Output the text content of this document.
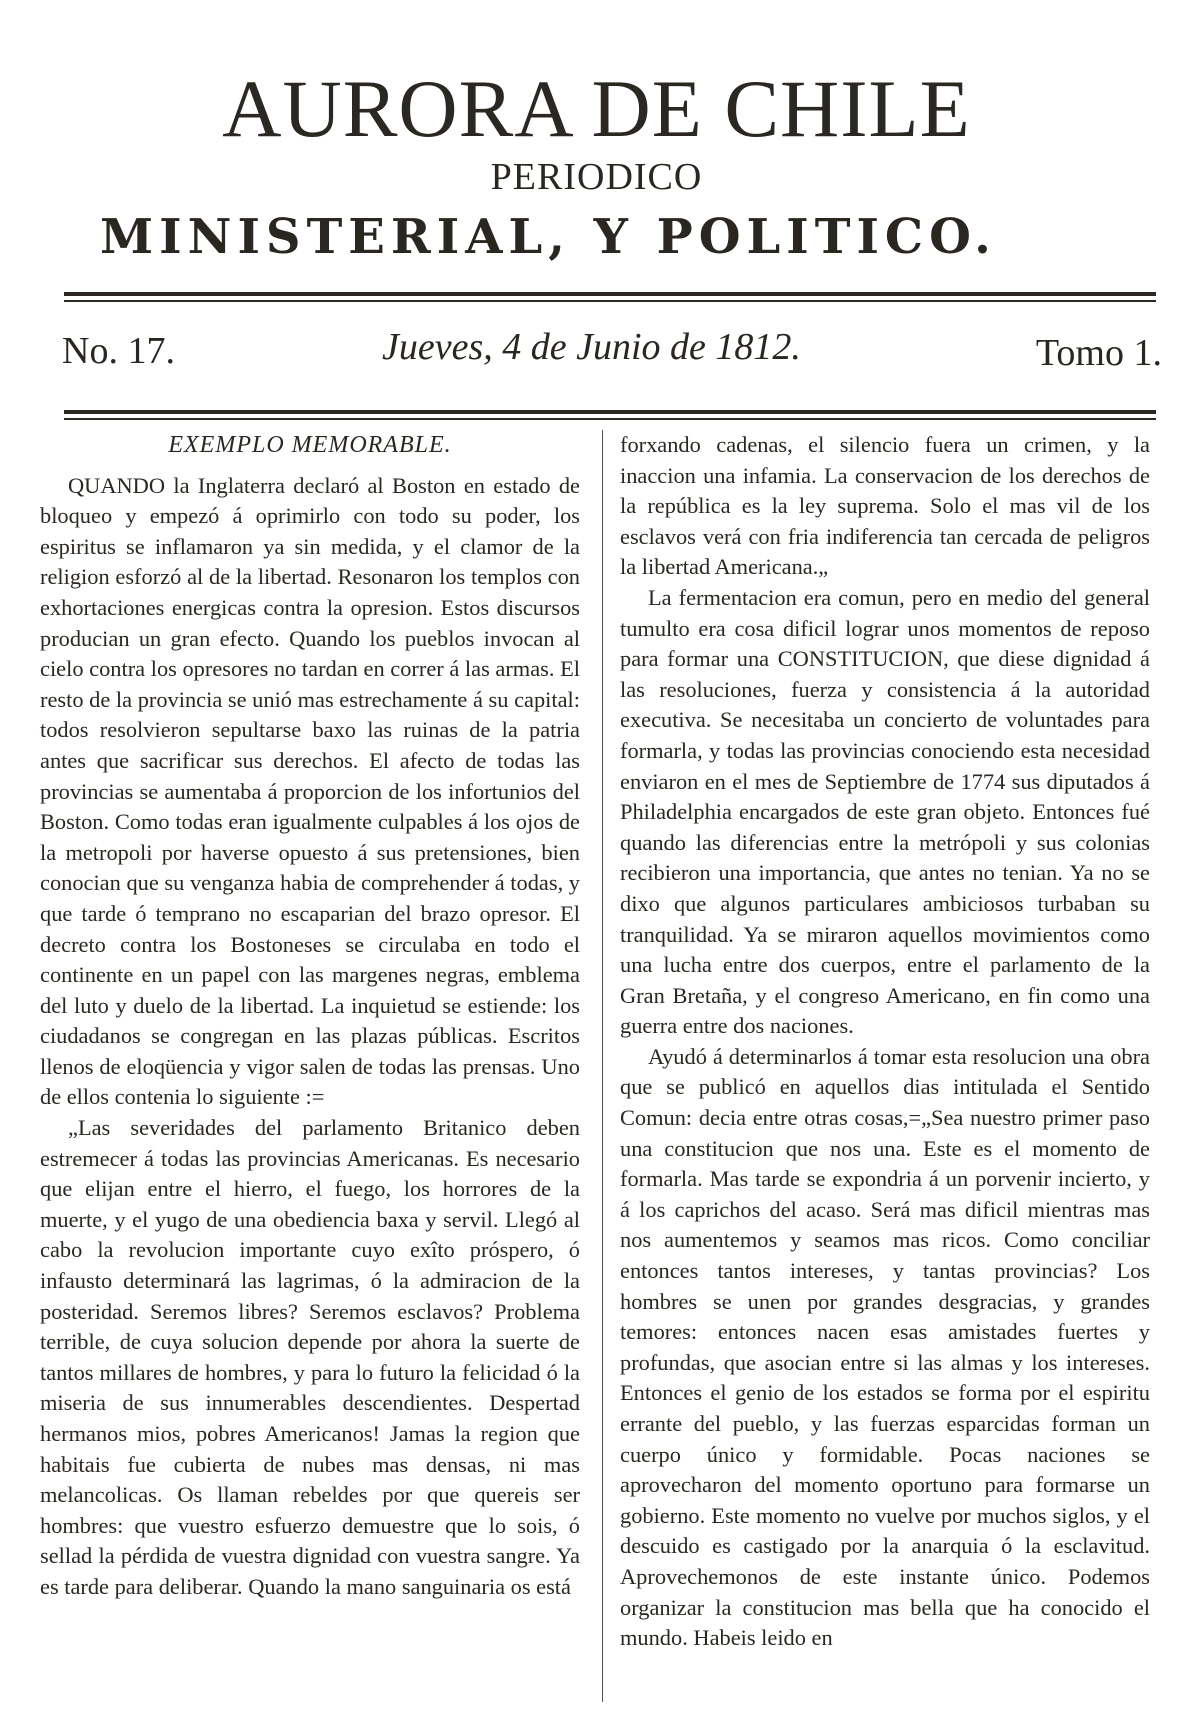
AURORA DE CHILE
PERIODICO
MINISTERIAL, Y POLITICO.
No. 17.	Jueves, 4 de Junio de 1812.	Tomo 1.
EXEMPLO MEMORABLE.

QUANDO la Inglaterra declaró al Boston en estado de bloqueo y empezó á oprimirlo con todo su poder, los espiritus se inflamaron ya sin medida, y el clamor de la religion esforzó al de la libertad. Resonaron los templos con exhortaciones energicas contra la opresion. Estos discursos producian un gran efecto. Quando los pueblos invocan al cielo contra los opresores no tardan en correr á las armas. El resto de la provincia se unió mas estrechamente á su capital: todos resolvieron sepultarse baxo las ruinas de la patria antes que sacrificar sus derechos. El afecto de todas las provincias se aumentaba á proporcion de los infortunios del Boston. Como todas eran igualmente culpables á los ojos de la metropoli por haverse opuesto á sus pretensiones, bien conocian que su venganza habia de comprehender á todas, y que tarde ó temprano no escaparian del brazo opresor. El decreto contra los Bostoneses se circulaba en todo el continente en un papel con las margenes negras, emblema del luto y duelo de la libertad. La inquietud se estiende: los ciudadanos se congregan en las plazas públicas. Escritos llenos de eloqüencia y vigor salen de todas las prensas. Uno de ellos contenia lo siguiente :=

„Las severidades del parlamento Britanico deben estremecer á todas las provincias Americanas. Es necesario que elijan entre el hierro, el fuego, los horrores de la muerte, y el yugo de una obediencia baxa y servil. Llegó al cabo la revolucion importante cuyo exîto próspero, ó infausto determinará las lagrimas, ó la admiracion de la posteridad. Seremos libres? Seremos esclavos? Problema terrible, de cuya solucion depende por ahora la suerte de tantos millares de hombres, y para lo futuro la felicidad ó la miseria de sus innumerables descendientes. Despertad hermanos mios, pobres Americanos! Jamas la region que habitais fue cubierta de nubes mas densas, ni mas melancolicas. Os llaman rebeldes por que quereis ser hombres: que vuestro esfuerzo demuestre que lo sois, ó sellad la pérdida de vuestra dignidad con vuestra sangre. Ya es tarde para deliberar. Quando la mano sanguinaria os está

forxando cadenas, el silencio fuera un crimen, y la inaccion una infamia. La conservacion de los derechos de la república es la ley suprema. Solo el mas vil de los esclavos verá con fria indiferencia tan cercada de peligros la libertad Americana.„

La fermentacion era comun, pero en medio del general tumulto era cosa dificil lograr unos momentos de reposo para formar una CONSTITUCION, que diese dignidad á las resoluciones, fuerza y consistencia á la autoridad executiva. Se necesitaba un concierto de voluntades para formarla, y todas las provincias conociendo esta necesidad enviaron en el mes de Septiembre de 1774 sus diputados á Philadelphia encargados de este gran objeto. Entonces fué quando las diferencias entre la metrópoli y sus colonias recibieron una importancia, que antes no tenian. Ya no se dixo que algunos particulares ambiciosos turbaban su tranquilidad. Ya se miraron aquellos movimientos como una lucha entre dos cuerpos, entre el parlamento de la Gran Bretaña, y el congreso Americano, en fin como una guerra entre dos naciones.

Ayudó á determinarlos á tomar esta resolucion una obra que se publicó en aquellos dias intitulada el Sentido Comun: decia entre otras cosas,=„Sea nuestro primer paso una constitucion que nos una. Este es el momento de formarla. Mas tarde se expondria á un porvenir incierto, y á los caprichos del acaso. Será mas dificil mientras mas nos aumentemos y seamos mas ricos. Como conciliar entonces tantos intereses, y tantas provincias? Los hombres se unen por grandes desgracias, y grandes temores: entonces nacen esas amistades fuertes y profundas, que asocian entre si las almas y los intereses. Entonces el genio de los estados se forma por el espiritu errante del pueblo, y las fuerzas esparcidas forman un cuerpo único y formidable. Pocas naciones se aprovecharon del momento oportuno para formarse un gobierno. Este momento no vuelve por muchos siglos, y el descuido es castigado por la anarquia ó la esclavitud. Aprovechemonos de este instante único. Podemos organizar la constitucion mas bella que ha conocido el mundo. Habeis leido en
